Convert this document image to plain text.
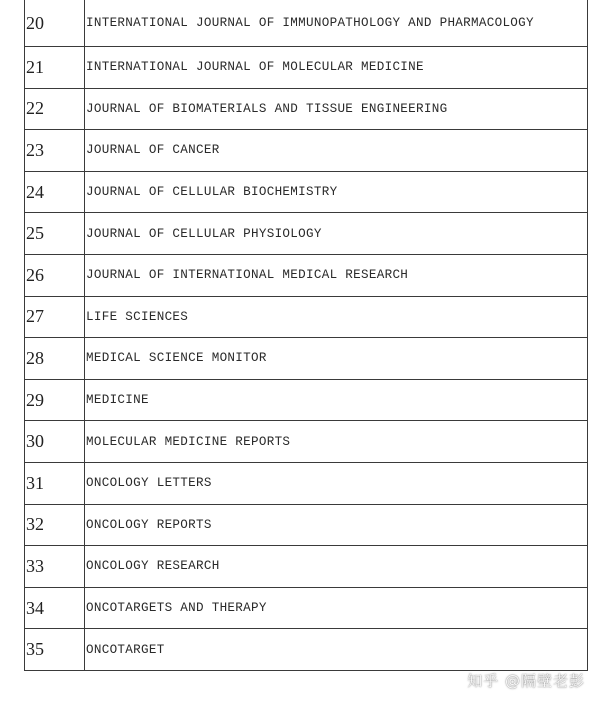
20	INTERNATIONAL JOURNAL OF IMMUNOPATHOLOGY AND PHARMACOLOGY
21	INTERNATIONAL JOURNAL OF MOLECULAR MEDICINE
22	JOURNAL OF BIOMATERIALS AND TISSUE ENGINEERING
23	JOURNAL OF CANCER
24	JOURNAL OF CELLULAR BIOCHEMISTRY
25	JOURNAL OF CELLULAR PHYSIOLOGY
26	JOURNAL OF INTERNATIONAL MEDICAL RESEARCH
27	LIFE SCIENCES
28	MEDICAL SCIENCE MONITOR
29	MEDICINE
30	MOLECULAR MEDICINE REPORTS
31	ONCOLOGY LETTERS
32	ONCOLOGY REPORTS
33	ONCOLOGY RESEARCH
34	ONCOTARGETS AND THERAPY
35	ONCOTARGET
知乎 @隔壁老彭
